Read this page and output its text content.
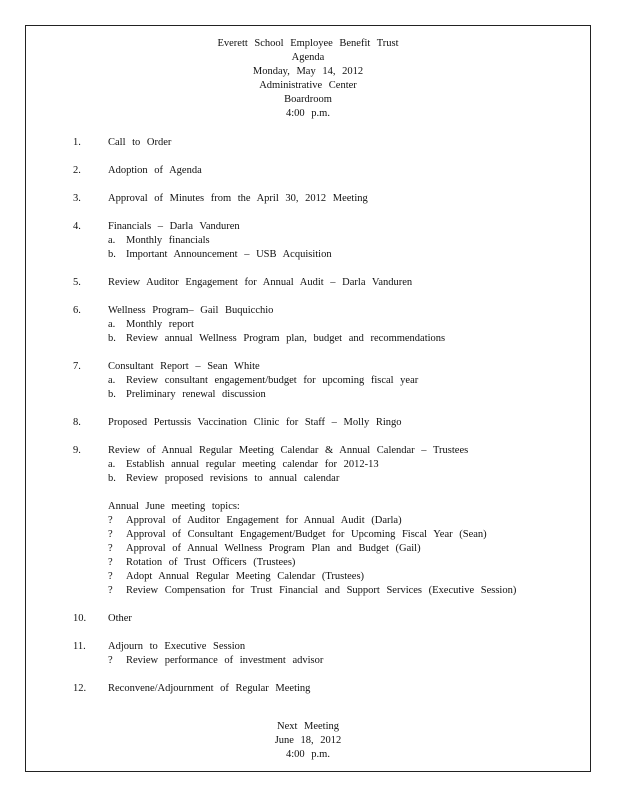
Everett School Employee Benefit Trust
Agenda
Monday, May 14, 2012
Administrative Center
Boardroom
4:00 p.m.
1.	Call to Order
2.	Adoption of Agenda
3.	Approval of Minutes from the April 30, 2012 Meeting
4.	Financials – Darla Vanduren
a. Monthly financials
b. Important Announcement – USB Acquisition
5.	Review Auditor Engagement for Annual Audit – Darla Vanduren
6.	Wellness Program– Gail Buquicchio
a. Monthly report
b. Review annual Wellness Program plan, budget and recommendations
7.	Consultant Report – Sean White
a. Review consultant engagement/budget for upcoming fiscal year
b. Preliminary renewal discussion
8.	Proposed Pertussis Vaccination Clinic for Staff – Molly Ringo
9.	Review of Annual Regular Meeting Calendar & Annual Calendar – Trustees
a. Establish annual regular meeting calendar for 2012-13
b. Review proposed revisions to annual calendar
Annual June meeting topics:
? Approval of Auditor Engagement for Annual Audit (Darla)
? Approval of Consultant Engagement/Budget for Upcoming Fiscal Year (Sean)
? Approval of Annual Wellness Program Plan and Budget (Gail)
? Rotation of Trust Officers (Trustees)
? Adopt Annual Regular Meeting Calendar (Trustees)
? Review Compensation for Trust Financial and Support Services (Executive Session)
10.	Other
11.	Adjourn to Executive Session
? Review performance of investment advisor
12.	Reconvene/Adjournment of Regular Meeting
Next Meeting
June 18, 2012
4:00 p.m.
